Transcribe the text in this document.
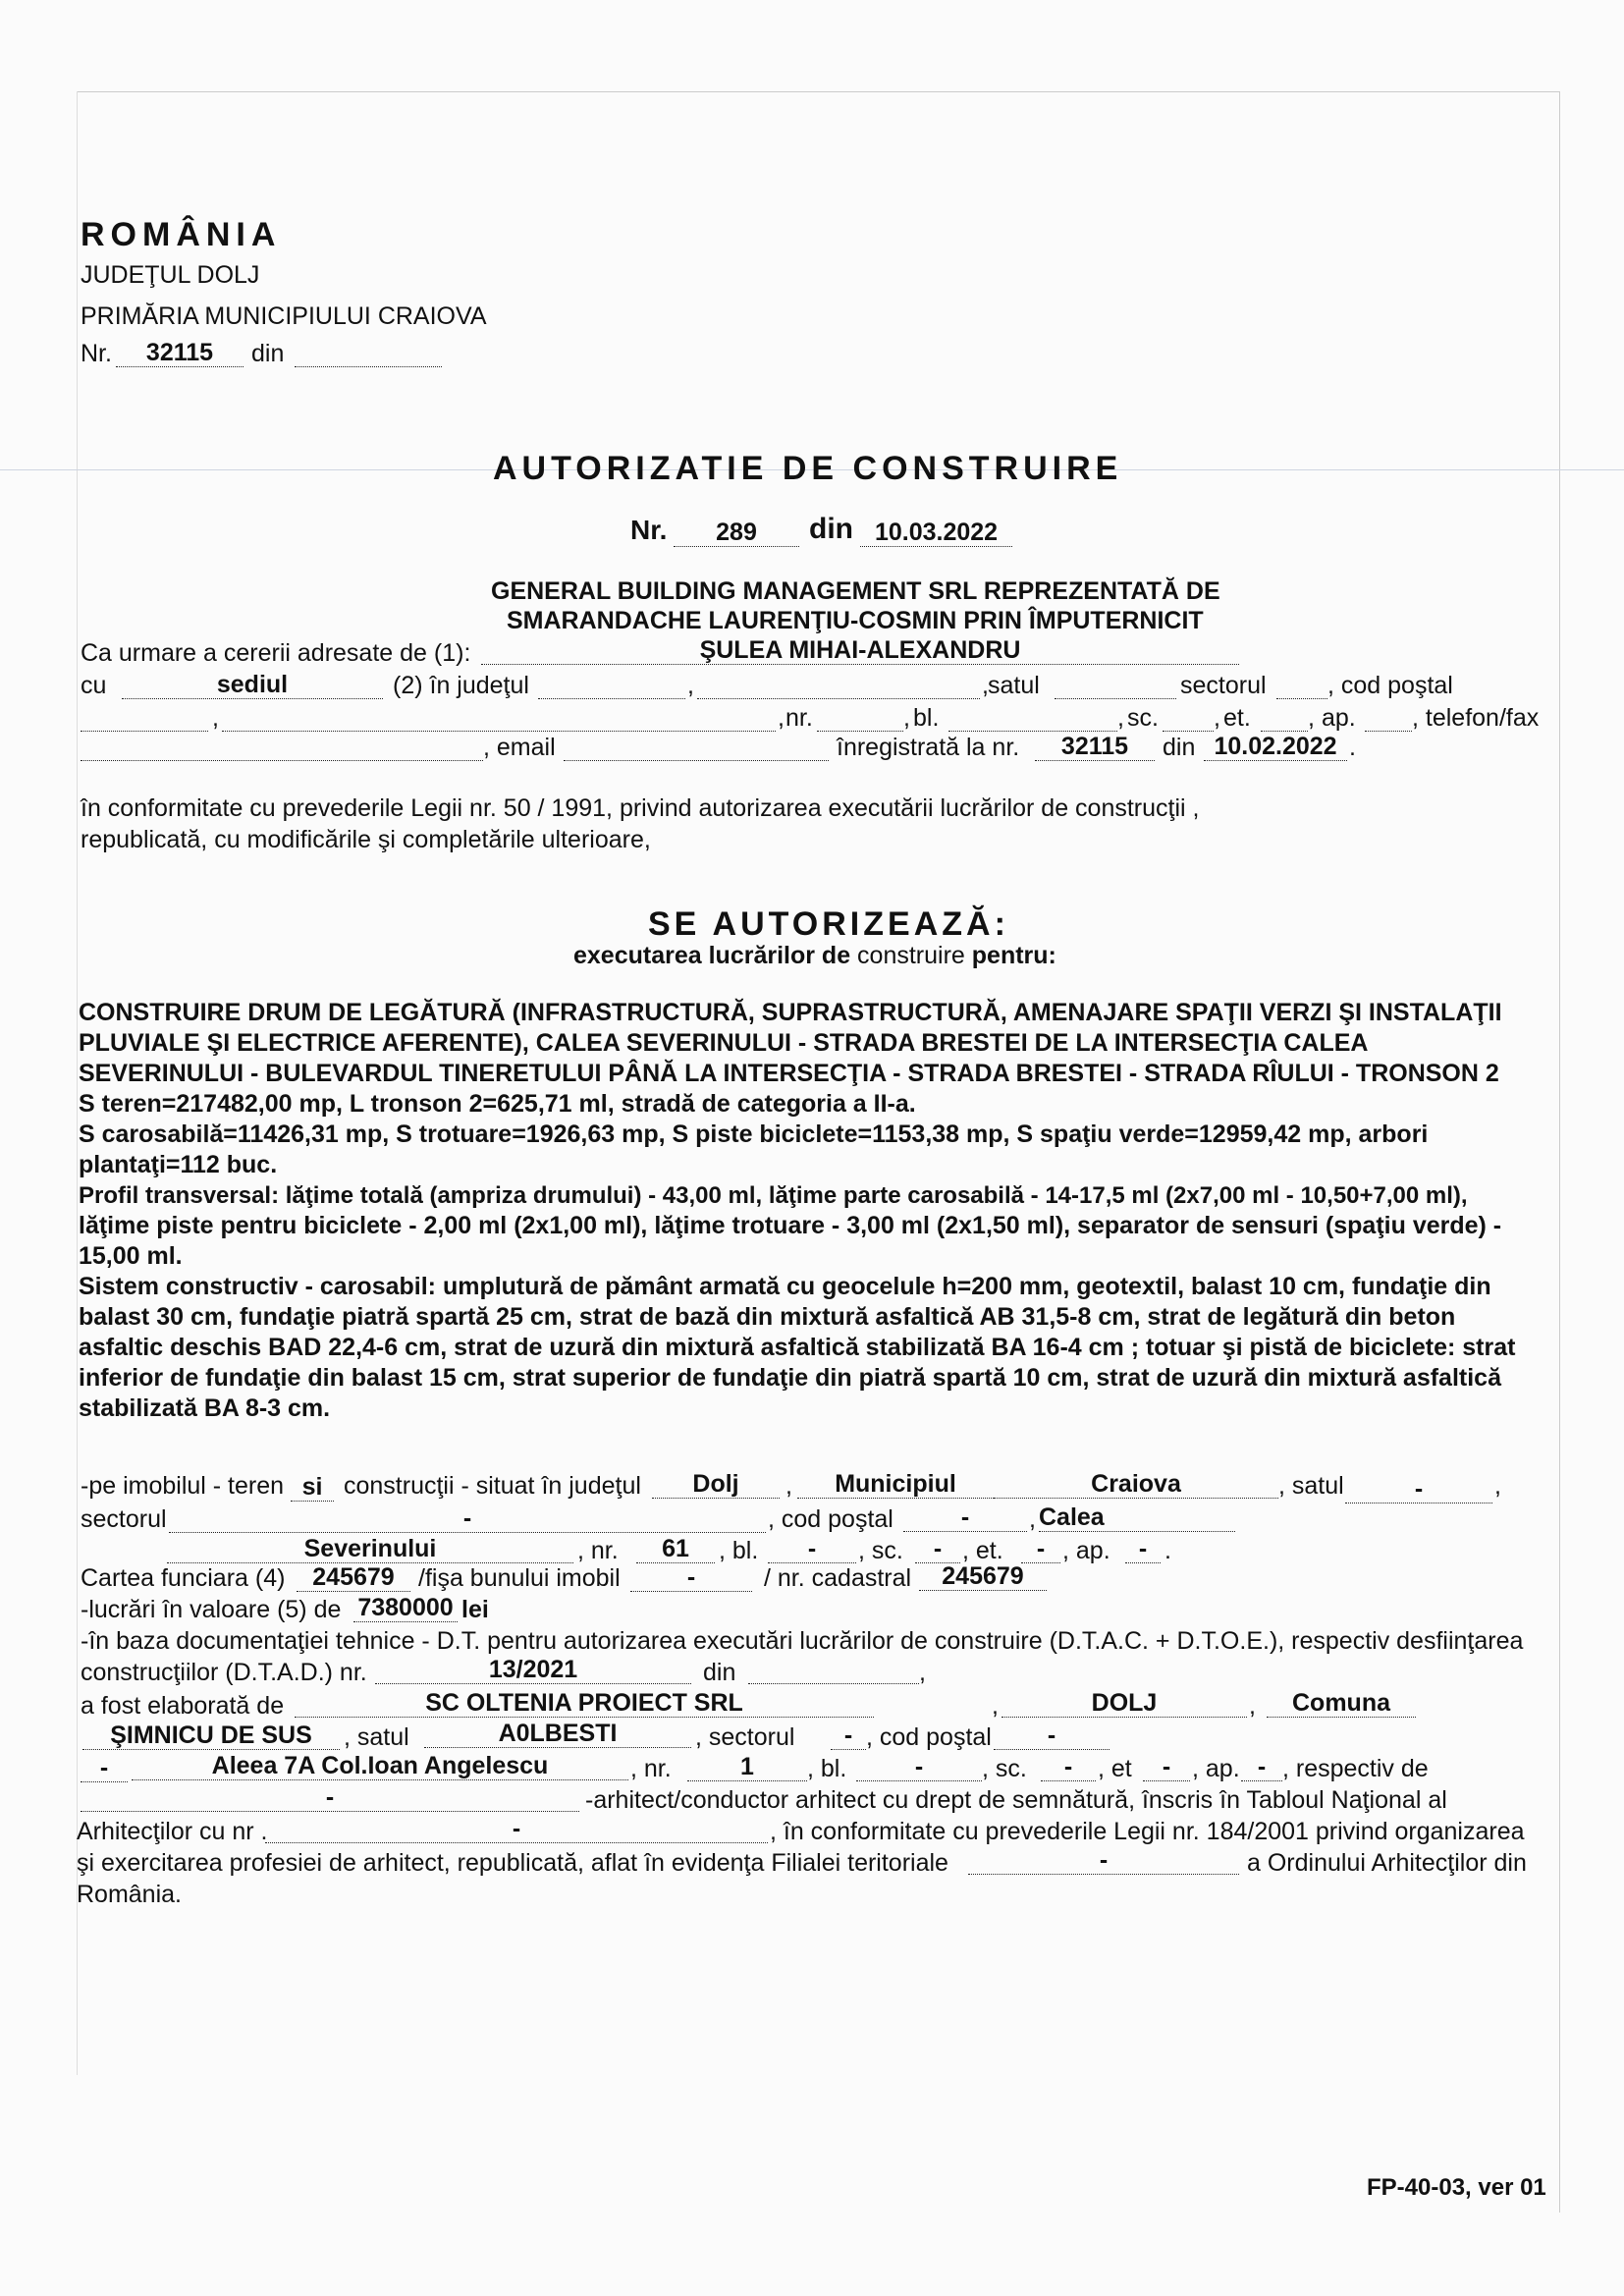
ROMÂNIA
JUDEŢUL DOLJ
PRIMĂRIA MUNICIPIULUI CRAIOVA
Nr.	32115	din
AUTORIZATIE DE CONSTRUIRE
Nr.	289	din 10.03.2022
GENERAL BUILDING MANAGEMENT SRL REPREZENTATĂ DE
SMARANDACHE LAURENŢIU-COSMIN PRIN ÎMPUTERNICIT
Ca urmare a cererii adresate de (1):	ŞULEA MIHAI-ALEXANDRU
cu	sediul	(2) în judeţul	,	, satul	sectorul , cod poştal
,	, nr.	, bl.	, sc. , et. , ap. , telefon/fax
, email	înregistrată la nr.	32115	din 10.02.2022 .
în conformitate cu prevederile Legii nr. 50 / 1991, privind autorizarea executării lucrărilor de construcţii ,
republicată, cu modificările şi completările ulterioare,
SE AUTORIZEAZĂ:
executarea lucrărilor de construire pentru:
CONSTRUIRE DRUM DE LEGĂTURĂ (INFRASTRUCTURĂ, SUPRASTRUCTURĂ, AMENAJARE SPAŢII VERZI ŞI INSTALAŢII
PLUVIALE ŞI ELECTRICE AFERENTE), CALEA SEVERINULUI - STRADA BRESTEI DE LA INTERSECŢIA CALEA
SEVERINULUI - BULEVARDUL TINERETULUI PÂNĂ LA INTERSECŢIA - STRADA BRESTEI - STRADA RÎULUI - TRONSON 2
S teren=217482,00 mp, L tronson 2=625,71 ml, stradă de categoria a II-a.
S carosabilă=11426,31 mp, S trotuare=1926,63 mp, S piste biciclete=1153,38 mp, S spaţiu verde=12959,42 mp, arbori
plantaţi=112 buc.
Profil transversal: lăţime totală (ampriza drumului) - 43,00 ml, lăţime parte carosabilă - 14-17,5 ml (2x7,00 ml - 10,50+7,00 ml),
lăţime piste pentru biciclete - 2,00 ml (2x1,00 ml), lăţime trotuare - 3,00 ml (2x1,50 ml), separator de sensuri (spaţiu verde) -
15,00 ml.
Sistem constructiv - carosabil: umplutură de pământ armată cu geocelule h=200 mm, geotextil, balast 10 cm, fundaţie din
balast 30 cm, fundaţie piatră spartă 25 cm, strat de bază din mixtură asfaltică AB 31,5-8 cm, strat de legătură din beton
asfaltic deschis BAD 22,4-6 cm, strat de uzură din mixtură asfaltică stabilizată BA 16-4 cm ; totuar şi pistă de biciclete: strat
inferior de fundaţie din balast 15 cm, strat superior de fundaţie din piatră spartă 10 cm, strat de uzură din mixtură asfaltică
stabilizată BA 8-3 cm.
-pe imobilul - teren si construcţii - situat în judeţul	Dolj	,	Municipiul	Craiova	, satul	-	,
sectorul	-	, cod poştal	-	, Calea
Severinului	, nr.	61	, bl.	-	, sc.	- , et.	- , ap.	- .
Cartea funciara (4)	245679 /fişa bunului imobil	-	/ nr. cadastral	245679
-lucrări în valoare (5) de 7380000 lei
-în baza documentaţiei tehnice - D.T. pentru autorizarea executări lucrărilor de construire (D.T.A.C. + D.T.O.E.), respectiv desfiinţarea
construcţiilor (D.T.A.D.) nr.	13/2021	din	,
a fost elaborată de	SC OLTENIA PROIECT SRL	,	DOLJ	,	Comuna
ŞIMNICU DE SUS	, satul	A0LBESTI	, sectorul	- , cod poştal	-
-	Aleea 7A Col.Ioan Angelescu	, nr.	1	, bl.	-	, sc.	-	, et	- , ap. - , respectiv de
-	-arhitect/conductor arhitect cu drept de semnătură, înscris în Tabloul Naţional al
Arhitecţilor cu nr .	-	, în conformitate cu prevederile Legii nr. 184/2001 privind organizarea
şi exercitarea profesiei de arhitect, republicată, aflat în evidenţa Filialei teritoriale	-	a Ordinului Arhitecţilor din
România.
FP-40-03, ver 01
